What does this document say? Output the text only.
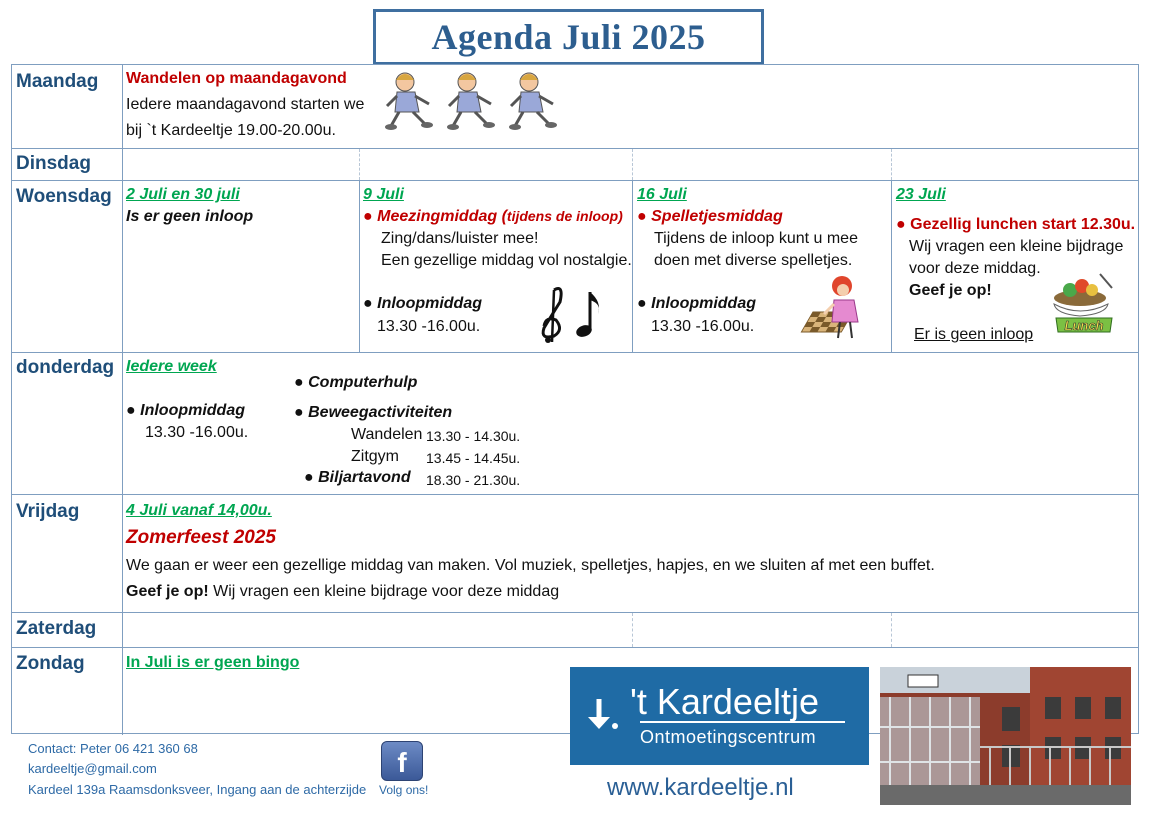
Agenda Juli 2025
Maandag
Dinsdag
Woensdag
donderdag
Vrijdag
Zaterdag
Zondag
Wandelen op maandagavond
Iedere maandagavond starten we
bij `t Kardeeltje 19.00-20.00u.
2 Juli en 30 juli
Is er geen inloop
9 Juli
● Meezingmiddag (tijdens de inloop)
Zing/dans/luister mee!
Een gezellige middag vol nostalgie.
● Inloopmiddag
13.30 -16.00u.
16 Juli
● Spelletjesmiddag
Tijdens de inloop kunt u mee
doen met diverse spelletjes.
● Inloopmiddag
13.30 -16.00u.
23 Juli
● Gezellig lunchen start 12.30u.
Wij vragen een kleine bijdrage
voor deze middag.
Geef je op!
Er is geen inloop
Lunch
Iedere week
● Inloopmiddag
13.30 -16.00u.
● Computerhulp
● Beweegactiviteiten
Wandelen 13.30 - 14.30u.
Zitgym 13.45 - 14.45u.
● Biljartavond 18.30 - 21.30u.
4 Juli vanaf 14,00u.
Zomerfeest 2025
We gaan er weer een gezellige middag van maken. Vol muziek, spelletjes, hapjes, en we sluiten af met een buffet.
Geef je op! Wij vragen een kleine bijdrage voor deze middag
In Juli is er geen bingo
Contact: Peter 06 421 360 68
kardeeltje@gmail.com
Kardeel 139a Raamsdonksveer, Ingang aan de achterzijde
f
Volg ons!
't Kardeeltje
Ontmoetingscentrum
www.kardeeltje.nl
